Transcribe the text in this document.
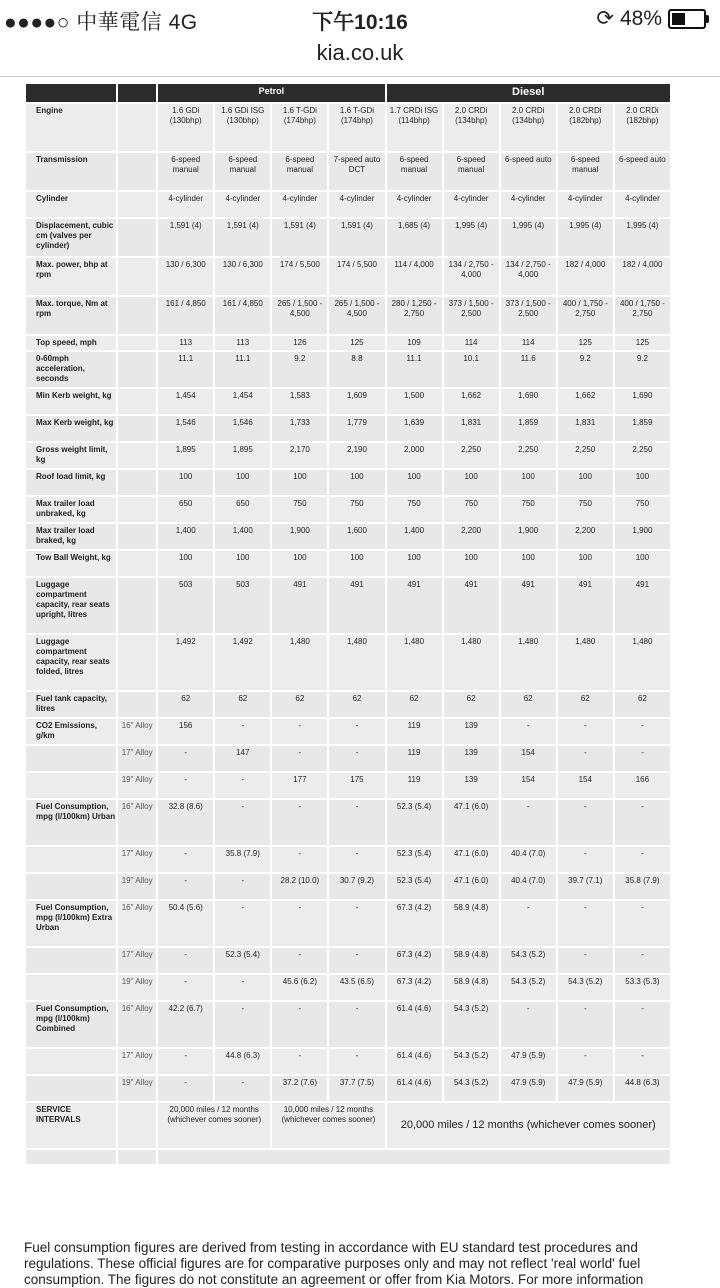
●●●●○ 中華電信 4G	下午10:16	⟳ 48%
kia.co.uk
		Petrol				Diesel				
Engine		1.6 GDi (130bhp)	1.6 GDi ISG (130bhp)	1.6 T-GDi (174bhp)	1.6 T-GDi (174bhp)	1.7 CRDi ISG (114bhp)	2.0 CRDi (134bhp)	2.0 CRDi (134bhp)	2.0 CRDi (182bhp)	2.0 CRDi (182bhp)
Transmission		6-speed manual	6-speed manual	6-speed manual	7-speed auto DCT	6-speed manual	6-speed manual	6-speed auto	6-speed manual	6-speed auto
Cylinder		4-cylinder	4-cylinder	4-cylinder	4-cylinder	4-cylinder	4-cylinder	4-cylinder	4-cylinder	4-cylinder
Displacement, cubic cm (valves per cylinder)		1,591 (4)	1,591 (4)	1,591 (4)	1,591 (4)	1,685 (4)	1,995 (4)	1,995 (4)	1,995 (4)	1,995 (4)
Max. power, bhp at rpm		130 / 6,300	130 / 6,300	174 / 5,500	174 / 5,500	114 / 4,000	134 / 2,750 - 4,000	134 / 2,750 - 4,000	182 / 4,000	182 / 4,000
Max. torque, Nm at rpm		161 / 4,850	161 / 4,850	265 / 1,500 - 4,500	265 / 1,500 - 4,500	280 / 1,250 - 2,750	373 / 1,500 - 2,500	373 / 1,500 - 2,500	400 / 1,750 - 2,750	400 / 1,750 - 2,750
Top speed, mph		113	113	126	125	109	114	114	125	125
0-60mph acceleration, seconds		11.1	11.1	9.2	8.8	11.1	10.1	11.6	9.2	9.2
Min Kerb weight, kg		1,454	1,454	1,583	1,609	1,500	1,662	1,690	1,662	1,690
Max Kerb weight, kg		1,546	1,546	1,733	1,779	1,639	1,831	1,859	1,831	1,859
Gross weight limit, kg		1,895	1,895	2,170	2,190	2,000	2,250	2,250	2,250	2,250
Roof load limit, kg		100	100	100	100	100	100	100	100	100
Max trailer load unbraked, kg		650	650	750	750	750	750	750	750	750
Max trailer load braked, kg		1,400	1,400	1,900	1,600	1,400	2,200	1,900	2,200	1,900
Tow Ball Weight, kg		100	100	100	100	100	100	100	100	100
Luggage compartment capacity, rear seats upright, litres		503	503	491	491	491	491	491	491	491
Luggage compartment capacity, rear seats folded, litres		1,492	1,492	1,480	1,480	1,480	1,480	1,480	1,480	1,480
Fuel tank capacity, litres		62	62	62	62	62	62	62	62	62
CO2 Emissions, g/km	16" Alloy	156	-	-	-	119	139	-	-	-
	17" Alloy	-	147	-	-	119	139	154	-	-
	19" Alloy	-	-	177	175	119	139	154	154	166
Fuel Consumption, mpg (l/100km) Urban	16" Alloy	32.8 (8.6)	-	-	-	52.3 (5.4)	47.1 (6.0)	-	-	-
	17" Alloy	-	35.8 (7.9)	-	-	52.3 (5.4)	47.1 (6.0)	40.4 (7.0)	-	-
	19" Alloy	-	-	28.2 (10.0)	30.7 (9.2)	52.3 (5.4)	47.1 (6.0)	40.4 (7.0)	39.7 (7.1)	35.8 (7.9)
Fuel Consumption, mpg (l/100km) Extra Urban	16" Alloy	50.4 (5.6)	-	-	-	67.3 (4.2)	58.9 (4.8)	-	-	-
	17" Alloy	-	52.3 (5.4)	-	-	67.3 (4.2)	58.9 (4.8)	54.3 (5.2)	-	-
	19" Alloy	-	-	45.6 (6.2)	43.5 (6.5)	67.3 (4.2)	58.9 (4.8)	54.3 (5.2)	54.3 (5.2)	53.3 (5.3)
Fuel Consumption, mpg (l/100km) Combined	16" Alloy	42.2 (6.7)	-	-	-	61.4 (4.6)	54.3 (5.2)	-	-	-
	17" Alloy	-	44.8 (6.3)	-	-	61.4 (4.6)	54.3 (5.2)	47.9 (5.9)	-	-
	19" Alloy	-	-	37.2 (7.6)	37.7 (7.5)	61.4 (4.6)	54.3 (5.2)	47.9 (5.9)	47.9 (5.9)	44.8 (6.3)
SERVICE INTERVALS		20,000 miles / 12 months (whichever comes sooner)		10,000 miles / 12 months (whichever comes sooner)		20,000 miles / 12 months (whichever comes sooner)				

Fuel consumption figures are derived from testing in accordance with EU standard test procedures and regulations. These official figures are for comparative purposes only and may not reflect 'real world' fuel consumption. The figures do not constitute an agreement or offer from Kia Motors. For more information
